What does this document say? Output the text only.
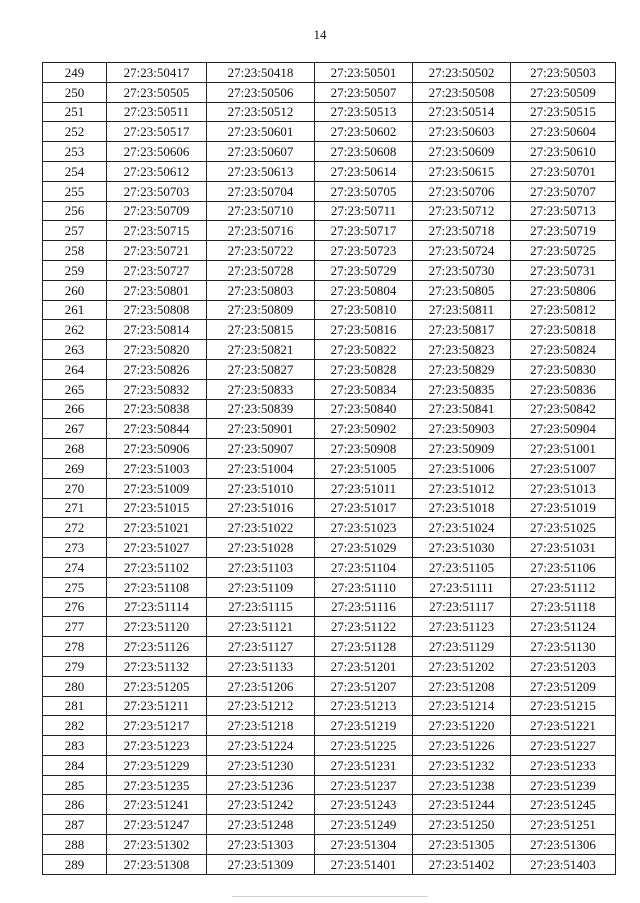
14
249	27:23:50417	27:23:50418	27:23:50501	27:23:50502	27:23:50503
250	27:23:50505	27:23:50506	27:23:50507	27:23:50508	27:23:50509
251	27:23:50511	27:23:50512	27:23:50513	27:23:50514	27:23:50515
252	27:23:50517	27:23:50601	27:23:50602	27:23:50603	27:23:50604
253	27:23:50606	27:23:50607	27:23:50608	27:23:50609	27:23:50610
254	27:23:50612	27:23:50613	27:23:50614	27:23:50615	27:23:50701
255	27:23:50703	27:23:50704	27:23:50705	27:23:50706	27:23:50707
256	27:23:50709	27:23:50710	27:23:50711	27:23:50712	27:23:50713
257	27:23:50715	27:23:50716	27:23:50717	27:23:50718	27:23:50719
258	27:23:50721	27:23:50722	27:23:50723	27:23:50724	27:23:50725
259	27:23:50727	27:23:50728	27:23:50729	27:23:50730	27:23:50731
260	27:23:50801	27:23:50803	27:23:50804	27:23:50805	27:23:50806
261	27:23:50808	27:23:50809	27:23:50810	27:23:50811	27:23:50812
262	27:23:50814	27:23:50815	27:23:50816	27:23:50817	27:23:50818
263	27:23:50820	27:23:50821	27:23:50822	27:23:50823	27:23:50824
264	27:23:50826	27:23:50827	27:23:50828	27:23:50829	27:23:50830
265	27:23:50832	27:23:50833	27:23:50834	27:23:50835	27:23:50836
266	27:23:50838	27:23:50839	27:23:50840	27:23:50841	27:23:50842
267	27:23:50844	27:23:50901	27:23:50902	27:23:50903	27:23:50904
268	27:23:50906	27:23:50907	27:23:50908	27:23:50909	27:23:51001
269	27:23:51003	27:23:51004	27:23:51005	27:23:51006	27:23:51007
270	27:23:51009	27:23:51010	27:23:51011	27:23:51012	27:23:51013
271	27:23:51015	27:23:51016	27:23:51017	27:23:51018	27:23:51019
272	27:23:51021	27:23:51022	27:23:51023	27:23:51024	27:23:51025
273	27:23:51027	27:23:51028	27:23:51029	27:23:51030	27:23:51031
274	27:23:51102	27:23:51103	27:23:51104	27:23:51105	27:23:51106
275	27:23:51108	27:23:51109	27:23:51110	27:23:51111	27:23:51112
276	27:23:51114	27:23:51115	27:23:51116	27:23:51117	27:23:51118
277	27:23:51120	27:23:51121	27:23:51122	27:23:51123	27:23:51124
278	27:23:51126	27:23:51127	27:23:51128	27:23:51129	27:23:51130
279	27:23:51132	27:23:51133	27:23:51201	27:23:51202	27:23:51203
280	27:23:51205	27:23:51206	27:23:51207	27:23:51208	27:23:51209
281	27:23:51211	27:23:51212	27:23:51213	27:23:51214	27:23:51215
282	27:23:51217	27:23:51218	27:23:51219	27:23:51220	27:23:51221
283	27:23:51223	27:23:51224	27:23:51225	27:23:51226	27:23:51227
284	27:23:51229	27:23:51230	27:23:51231	27:23:51232	27:23:51233
285	27:23:51235	27:23:51236	27:23:51237	27:23:51238	27:23:51239
286	27:23:51241	27:23:51242	27:23:51243	27:23:51244	27:23:51245
287	27:23:51247	27:23:51248	27:23:51249	27:23:51250	27:23:51251
288	27:23:51302	27:23:51303	27:23:51304	27:23:51305	27:23:51306
289	27:23:51308	27:23:51309	27:23:51401	27:23:51402	27:23:51403
